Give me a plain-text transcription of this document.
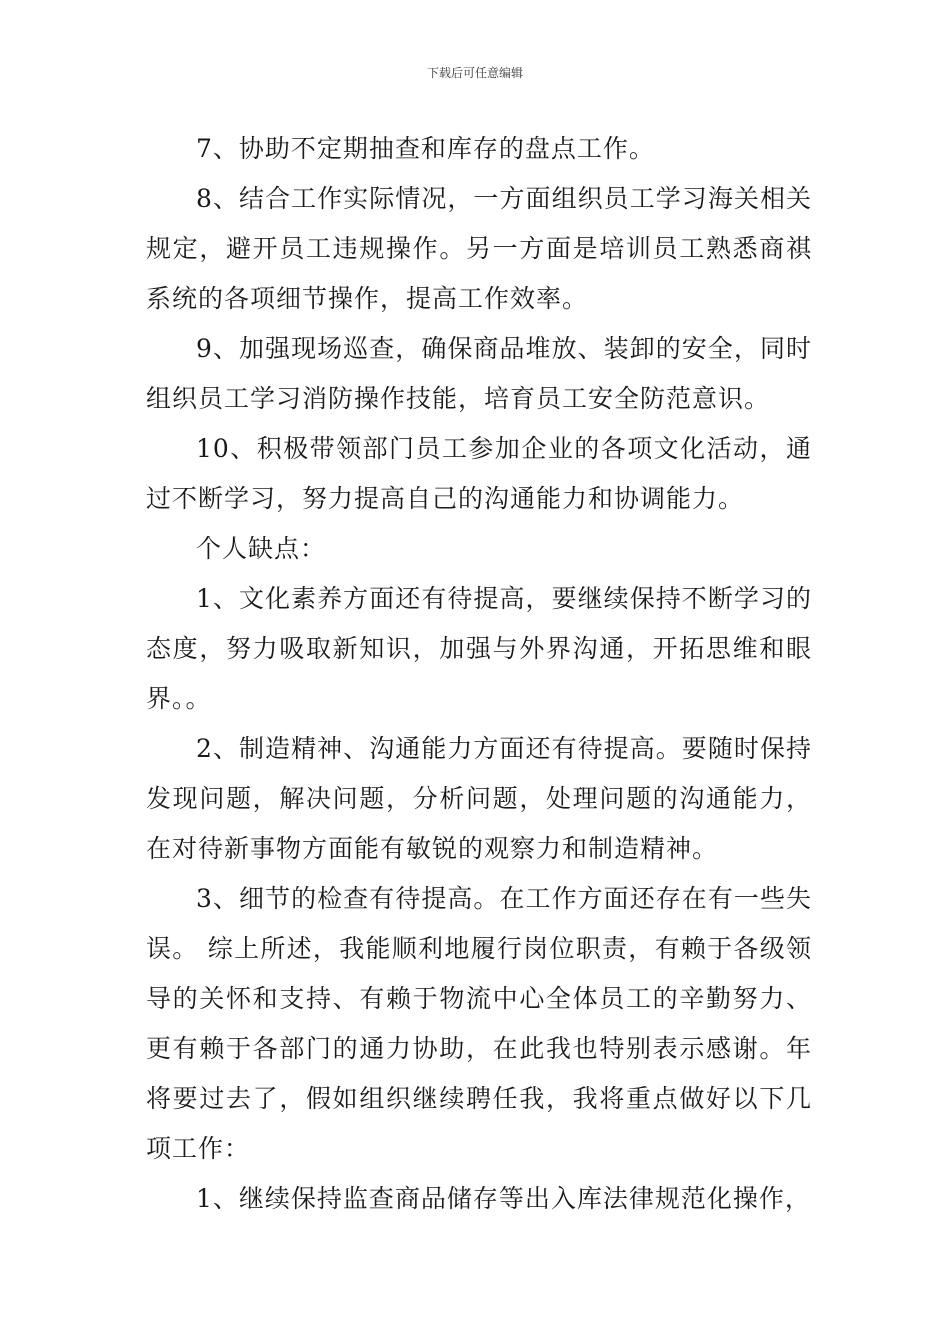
下载后可任意编辑

7、协助不定期抽查和库存的盘点工作。

8、结合工作实际情况，一方面组织员工学习海关相关规定，避开员工违规操作。另一方面是培训员工熟悉商祺系统的各项细节操作，提高工作效率。

9、加强现场巡查，确保商品堆放、装卸的安全，同时组织员工学习消防操作技能，培育员工安全防范意识。

10、积极带领部门员工参加企业的各项文化活动，通过不断学习，努力提高自己的沟通能力和协调能力。

个人缺点：

1、文化素养方面还有待提高，要继续保持不断学习的态度，努力吸取新知识，加强与外界沟通，开拓思维和眼界。。

2、制造精神、沟通能力方面还有待提高。要随时保持发现问题，解决问题，分析问题，处理问题的沟通能力，在对待新事物方面能有敏锐的观察力和制造精神。

3、细节的检查有待提高。在工作方面还存在有一些失误。 综上所述，我能顺利地履行岗位职责，有赖于各级领导的关怀和支持、有赖于物流中心全体员工的辛勤努力、更有赖于各部门的通力协助，在此我也特别表示感谢。年将要过去了，假如组织继续聘任我，我将重点做好以下几项工作：

1、继续保持监查商品储存等出入库法律规范化操作，
